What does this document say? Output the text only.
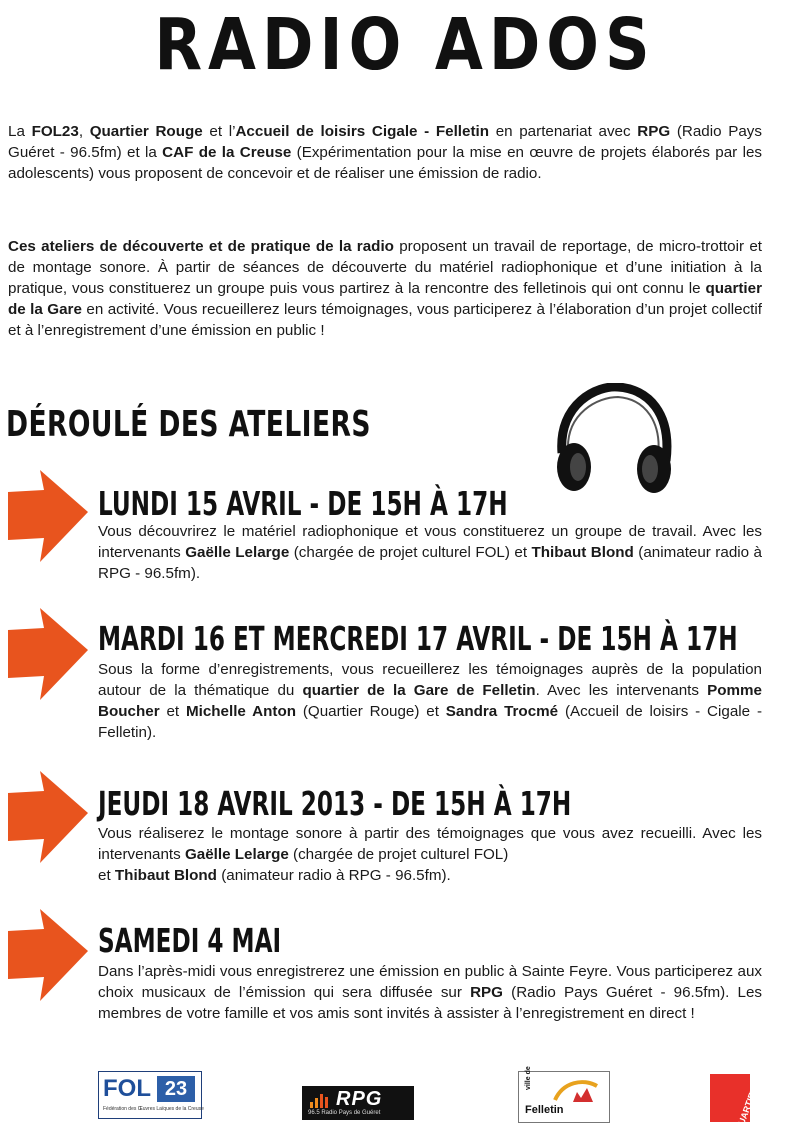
RADIO ADOS

La FOL23, Quartier Rouge et l’Accueil de loisirs Cigale - Felletin en partenariat avec RPG (Radio Pays Guéret - 96.5fm) et la CAF de la Creuse (Expérimentation pour la mise en œuvre de projets élaborés par les adolescents) vous proposent de concevoir et de réaliser une émission de radio.

Ces ateliers de découverte et de pratique de la radio proposent un travail de reportage, de micro-trottoir et de montage sonore. À partir de séances de découverte du matériel radiophonique et d’une initiation à la pratique, vous constituerez un groupe puis vous partirez à la rencontre des felletinois qui ont connu le quartier de la Gare en activité. Vous recueillerez leurs témoignages, vous participerez à l’élaboration d’un projet collectif et à l’enregistrement d’une émission en public !

DÉROULÉ DES ATELIERS
LUNDI 15 AVRIL - DE 15H À 17H

Vous découvrirez le matériel radiophonique et vous constituerez un groupe de travail. Avec les intervenants Gaëlle Lelarge (chargée de projet culturel FOL) et Thibaut Blond (animateur radio à RPG - 96.5fm).

MARDI 16 ET MERCREDI 17 AVRIL - DE 15H À 17H

Sous la forme d’enregistrements, vous recueillerez les témoignages auprès de la population autour de la thématique du quartier de la Gare de Felletin. Avec les intervenants Pomme Boucher et Michelle Anton (Quartier Rouge) et Sandra Trocmé (Accueil de loisirs - Cigale - Felletin).

JEUDI 18 AVRIL 2013 - DE 15H À 17H

Vous réaliserez le montage sonore à partir des témoignages que vous avez recueilli. Avec les intervenants Gaëlle Lelarge (chargée de projet culturel FOL)
et Thibaut Blond (animateur radio à RPG - 96.5fm).

SAMEDI 4 MAI

Dans l’après-midi vous enregistrerez une émission en public à Sainte Feyre. Vous participerez aux choix musicaux de l’émission qui sera diffusée sur RPG (Radio Pays Guéret - 96.5fm). Les membres de votre famille et vos amis sont invités à assister à l’enregistrement en direct !

FOL 23
Fédération des Œuvres Laïques de la Creuse	RPG
96.5 Radio Pays de Guéret
ville de
Felletin	QUARTIER ROUGE
